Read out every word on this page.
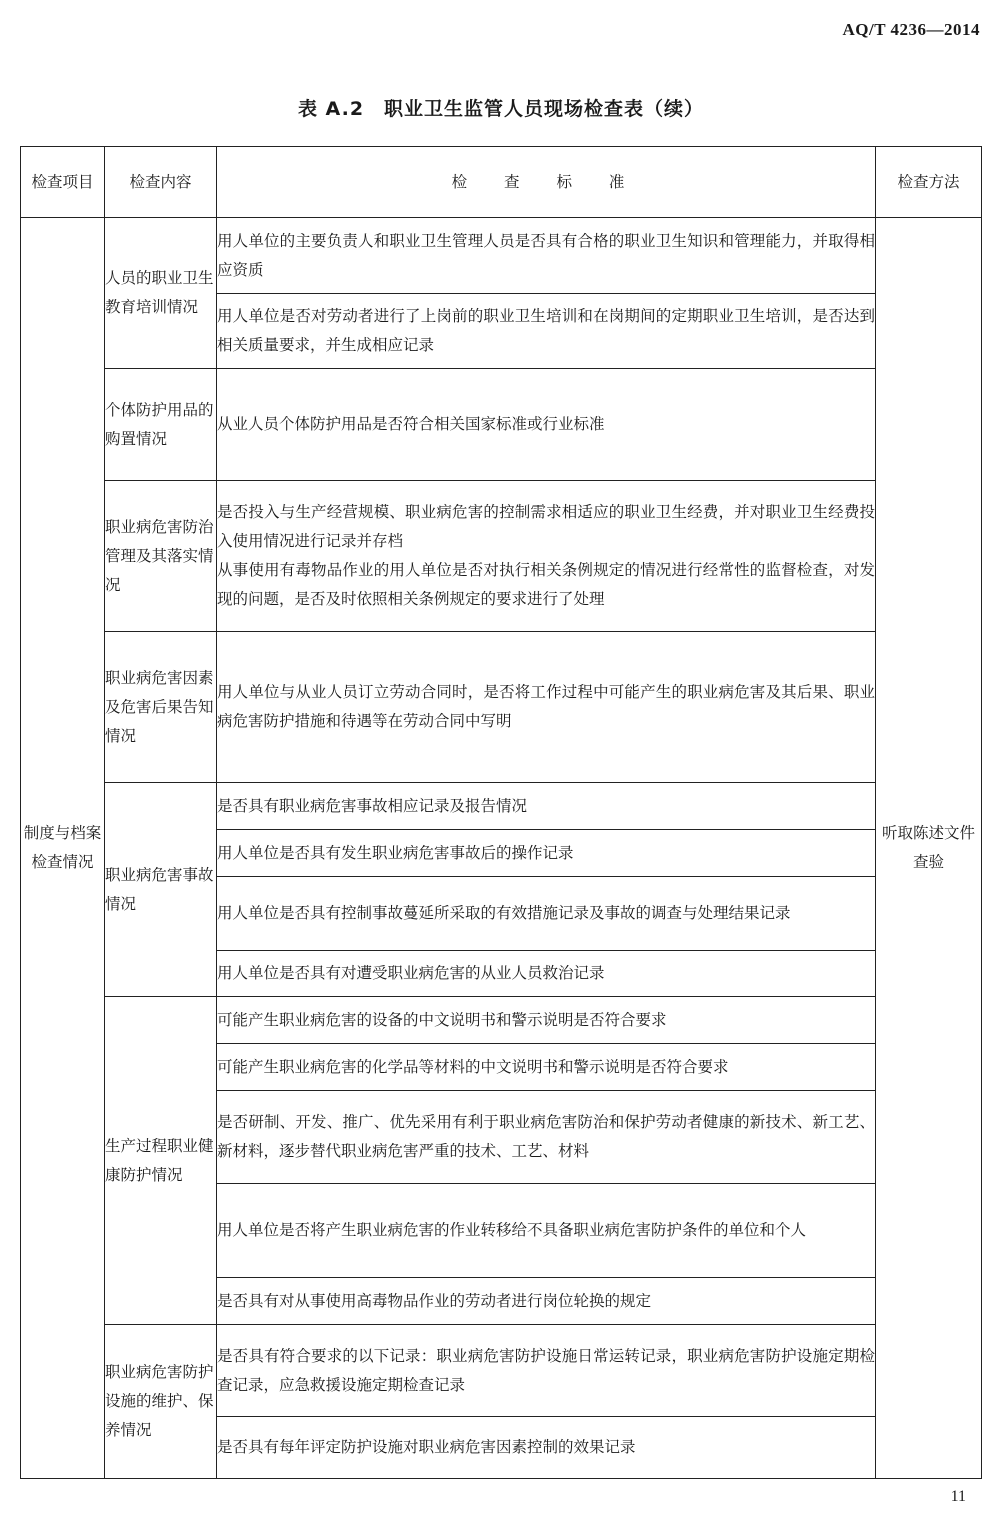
AQ/T 4236—2014
表 A.2　职业卫生监管人员现场检查表（续）
检查项目	检查内容	检 查 标 准	检查方法
制度与档案检查情况	人员的职业卫生教育培训情况	用人单位的主要负责人和职业卫生管理人员是否具有合格的职业卫生知识和管理能力，并取得相应资质	听取陈述文件查验
		用人单位是否对劳动者进行了上岗前的职业卫生培训和在岗期间的定期职业卫生培训，是否达到相关质量要求，并生成相应记录	
	个体防护用品的购置情况	从业人员个体防护用品是否符合相关国家标准或行业标准	
	职业病危害防治管理及其落实情况	是否投入与生产经营规模、职业病危害的控制需求相适应的职业卫生经费，并对职业卫生经费投入使用情况进行记录并存档
从事使用有毒物品作业的用人单位是否对执行相关条例规定的情况进行经常性的监督检查，对发现的问题，是否及时依照相关条例规定的要求进行了处理	
	职业病危害因素及危害后果告知情况	用人单位与从业人员订立劳动合同时，是否将工作过程中可能产生的职业病危害及其后果、职业病危害防护措施和待遇等在劳动合同中写明	
	职业病危害事故情况	是否具有职业病危害事故相应记录及报告情况	
		用人单位是否具有发生职业病危害事故后的操作记录	
		用人单位是否具有控制事故蔓延所采取的有效措施记录及事故的调查与处理结果记录	
		用人单位是否具有对遭受职业病危害的从业人员救治记录	
	生产过程职业健康防护情况	可能产生职业病危害的设备的中文说明书和警示说明是否符合要求	
		可能产生职业病危害的化学品等材料的中文说明书和警示说明是否符合要求	
		是否研制、开发、推广、优先采用有利于职业病危害防治和保护劳动者健康的新技术、新工艺、新材料，逐步替代职业病危害严重的技术、工艺、材料	
		用人单位是否将产生职业病危害的作业转移给不具备职业病危害防护条件的单位和个人	
		是否具有对从事使用高毒物品作业的劳动者进行岗位轮换的规定	
	职业病危害防护设施的维护、保养情况	是否具有符合要求的以下记录：职业病危害防护设施日常运转记录，职业病危害防护设施定期检查记录，应急救援设施定期检查记录	
		是否具有每年评定防护设施对职业病危害因素控制的效果记录	
11
